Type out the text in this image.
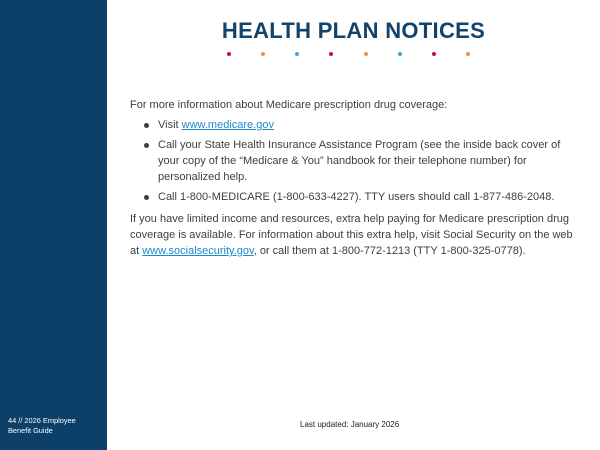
44 // 2026 Employee
Benefit Guide
HEALTH PLAN NOTICES

For more information about Medicare prescription drug coverage:

Visit www.medicare.gov
Call your State Health Insurance Assistance Program (see the inside back cover of your copy of the “Medicare & You” handbook for their telephone number) for personalized help.
Call 1-800-MEDICARE (1-800-633-4227). TTY users should call 1-877-486-2048.

If you have limited income and resources, extra help paying for Medicare prescription drug coverage is available. For information about this extra help, visit Social Security on the web at www.socialsecurity.gov, or call them at 1-800-772-1213 (TTY 1-800-325-0778).

Last updated: January 2026
